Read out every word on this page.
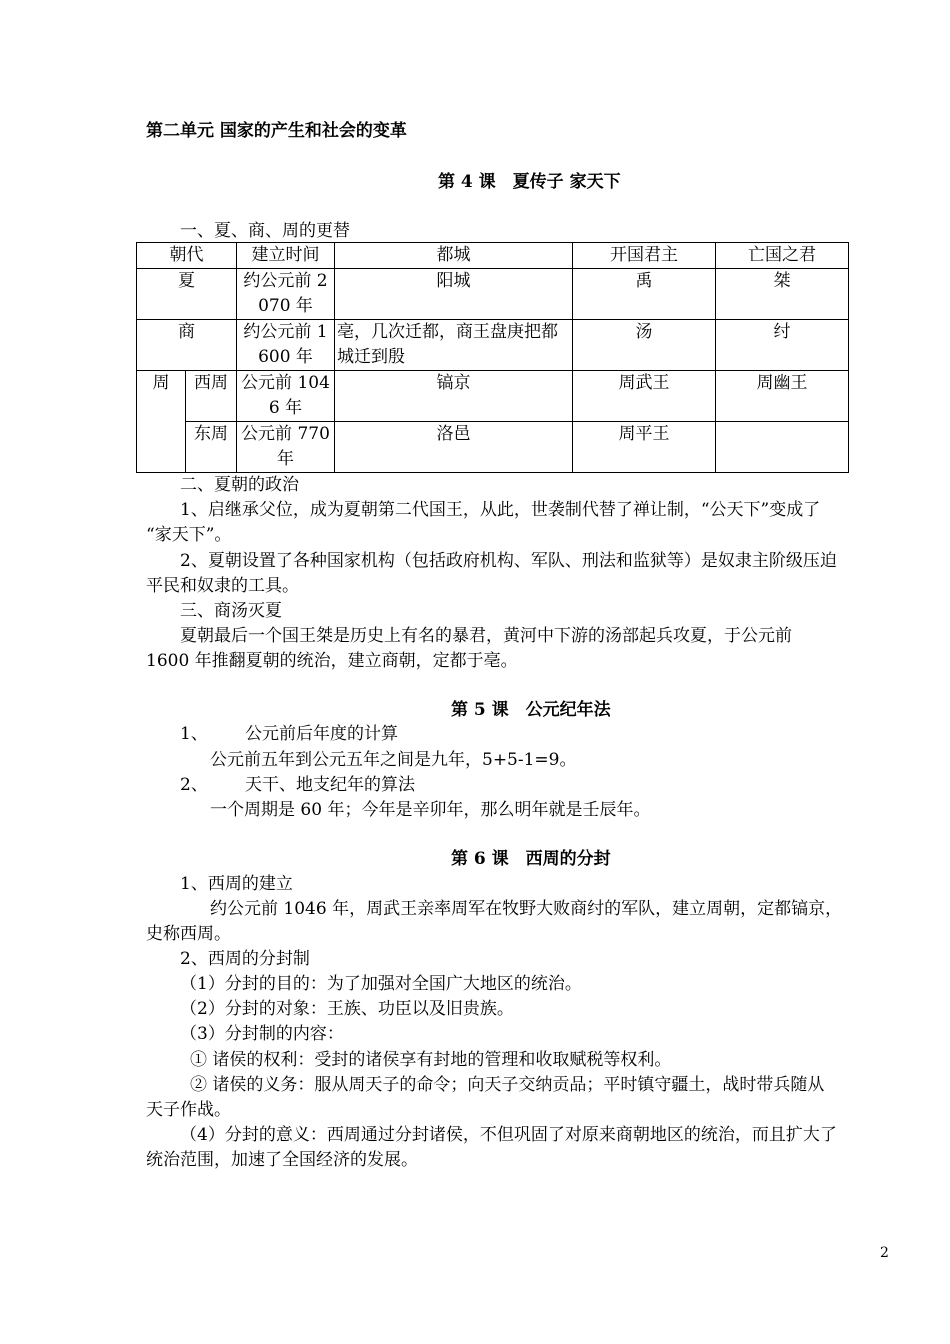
第二单元 国家的产生和社会的变革
第 4 课　夏传子 家天下
一、夏、商、周的更替
朝代		建立时间	都城	开国君主	亡国之君
夏		约公元前 2070 年	阳城	禹	桀
商		约公元前 1600 年	亳，几次迁都，商王盘庚把都城迁到殷	汤	纣
周	西周	公元前 1046 年	镐京	周武王	周幽王
	东周	公元前 770 年	洛邑	周平王	
二、夏朝的政治
1、启继承父位，成为夏朝第二代国王，从此，世袭制代替了禅让制，“公天下”变成了
“家天下”。
2、夏朝设置了各种国家机构（包括政府机构、军队、刑法和监狱等）是奴隶主阶级压迫
平民和奴隶的工具。
三、商汤灭夏
夏朝最后一个国王桀是历史上有名的暴君，黄河中下游的汤部起兵攻夏，于公元前
1600 年推翻夏朝的统治，建立商朝，定都于亳。
第 5 课　公元纪年法
1、 公元前后年度的计算
公元前五年到公元五年之间是九年，5+5-1=9。
2、 天干、地支纪年的算法
一个周期是 60 年；今年是辛卯年，那么明年就是壬辰年。
第 6 课　西周的分封
1、西周的建立
约公元前 1046 年，周武王亲率周军在牧野大败商纣的军队，建立周朝，定都镐京，
史称西周。
2、西周的分封制
（1）分封的目的：为了加强对全国广大地区的统治。
（2）分封的对象：王族、功臣以及旧贵族。
（3）分封制的内容：
① 诸侯的权利：受封的诸侯享有封地的管理和收取赋税等权利。
② 诸侯的义务：服从周天子的命令；向天子交纳贡品；平时镇守疆土，战时带兵随从
天子作战。
（4）分封的意义：西周通过分封诸侯，不但巩固了对原来商朝地区的统治，而且扩大了
统治范围，加速了全国经济的发展。
2
